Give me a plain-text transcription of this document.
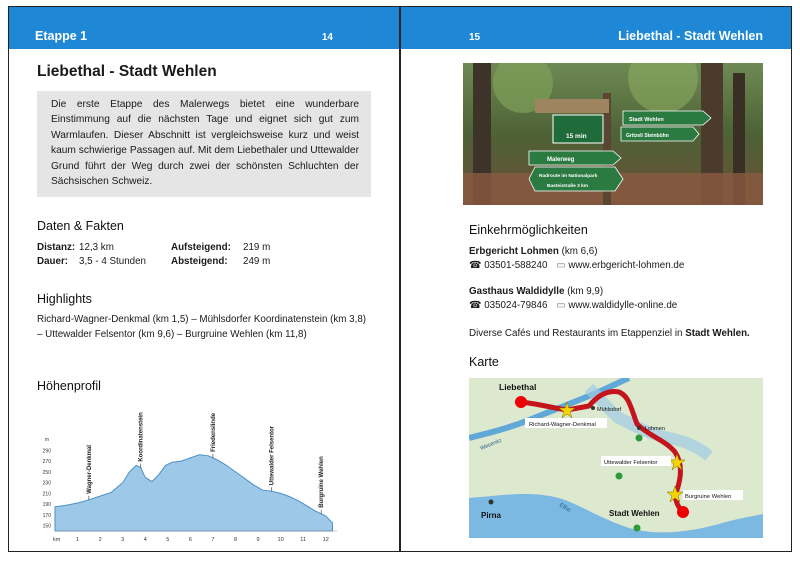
Etappe 1	14
Liebethal - Stadt Wehlen
Die erste Etappe des Malerwegs bietet eine wunderbare Einstimmung auf die nächsten Tage und eignet sich gut zum Warmlaufen. Dieser Abschnitt ist vergleichsweise kurz und weist kaum schwierige Passagen auf. Mit dem Liebethaler und Uttewalder Grund führt der Weg durch zwei der schönsten Schluchten der Sächsischen Schweiz.
Daten & Fakten
Distanz: 12,3 km	Aufsteigend:	219 m
Dauer:	3,5 - 4 Stunden	Absteigend:	249 m
Highlights
Richard-Wagner-Denkmal (km 1,5) – Mühlsdorfer Koordinatenstein (km 3,8) – Uttewalder Felsentor (km 9,6) – Burgruine Wehlen (km 11,8)
Höhenprofil
150
170
190
210
230
250
270
290
m
km	1	2	3	4	5	6	7	8	9	10	11	12
Wagner-Denkmal
Koordinatenstein	Friedenslinde	Uttewalder Felsentor	Burgruine Wehlen
15	Liebethal - Stadt Wehlen
15 min
Malerweg
Stadt Wehlen
Gritzeli Steinbühn
Radroute im Nationalpark
Basteistraße 3 km
Einkehrmöglichkeiten
Erbgericht Lohmen (km 6,6)
☎ 03501-588240 ▭ www.erbgericht-lohmen.de
Gasthaus Waldidylle (km 9,9)
☎ 035024-79846 ▭ www.waldidylle-online.de
Diverse Cafés und Restaurants im Etappenziel in Stadt Wehlen.
Karte
Liebethal
Richard-Wagner-Denkmal
Mühlsdorf
Lohmen
3
Uttewalder Felsentor
Burgruine Wehlen
Stadt Wehlen
Pirna
Wesenitz
Elbe
